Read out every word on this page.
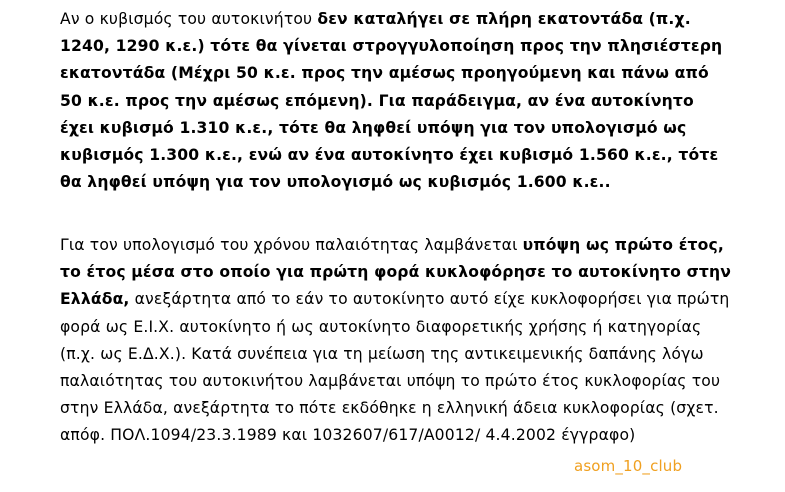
Αν ο κυβισμός του αυτοκινήτου δεν καταλήγει σε πλήρη εκατοντάδα (π.χ.
1240, 1290 κ.ε.) τότε θα γίνεται στρογγυλοποίηση προς την πλησιέστερη
εκατοντάδα (Μέχρι 50 κ.ε. προς την αμέσως προηγούμενη και πάνω από
50 κ.ε. προς την αμέσως επόμενη). Για παράδειγμα, αν ένα αυτοκίνητο
έχει κυβισμό 1.310 κ.ε., τότε θα ληφθεί υπόψη για τον υπολογισμό ως
κυβισμός 1.300 κ.ε., ενώ αν ένα αυτοκίνητο έχει κυβισμό 1.560 κ.ε., τότε
θα ληφθεί υπόψη για τον υπολογισμό ως κυβισμός 1.600 κ.ε..
Για τον υπολογισμό του χρόνου παλαιότητας λαμβάνεται υπόψη ως πρώτο έτος,
το έτος μέσα στο οποίο για πρώτη φορά κυκλοφόρησε το αυτοκίνητο στην
Ελλάδα, ανεξάρτητα από το εάν το αυτοκίνητο αυτό είχε κυκλοφορήσει για πρώτη
φορά ως Ε.Ι.Χ. αυτοκίνητο ή ως αυτοκίνητο διαφορετικής χρήσης ή κατηγορίας
(π.χ. ως Ε.Δ.Χ.). Κατά συνέπεια για τη μείωση της αντικειμενικής δαπάνης λόγω
παλαιότητας του αυτοκινήτου λαμβάνεται υπόψη το πρώτο έτος κυκλοφορίας του
στην Ελλάδα, ανεξάρτητα το πότε εκδόθηκε η ελληνική άδεια κυκλοφορίας (σχετ.
απόφ. ΠΟΛ.1094/23.3.1989 και 1032607/617/Α0012/ 4.4.2002 έγγραφο)
asom_10_club
